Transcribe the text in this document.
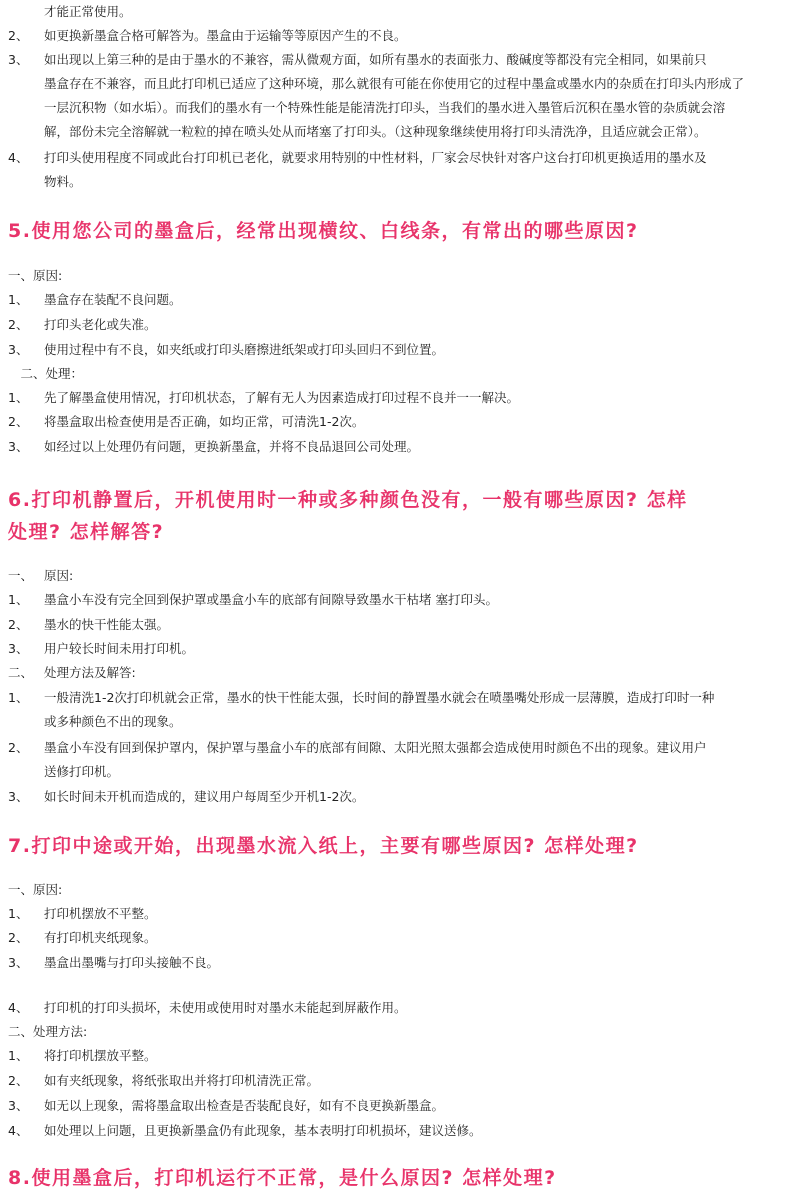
才能正常使用。

2、 如更换新墨盒合格可解答为。墨盒由于运输等等原因产生的不良。

3、 如出现以上第三种的是由于墨水的不兼容，需从微观方面，如所有墨水的表面张力、酸碱度等都没有完全相同，如果前只

墨盒存在不兼容，而且此打印机已适应了这种环境，那么就很有可能在你使用它的过程中墨盒或墨水内的杂质在打印头内形成了

一层沉积物（如水垢）。而我们的墨水有一个特殊性能是能清洗打印头，当我们的墨水进入墨管后沉积在墨水管的杂质就会溶

解，部份未完全溶解就一粒粒的掉在喷头处从而堵塞了打印头。（这种现象继续使用将打印头清洗净，且适应就会正常）。

4、 打印头使用程度不同或此台打印机已老化，就要求用特别的中性材料，厂家会尽快针对客户这台打印机更换适用的墨水及

物料。

5.使用您公司的墨盒后，经常出现横纹、白线条，有常出的哪些原因?

一、原因:

1、 墨盒存在装配不良问题。

2、 打印头老化或失准。

3、 使用过程中有不良，如夹纸或打印头磨擦进纸架或打印头回归不到位置。

　二、处理：

1、 先了解墨盒使用情况，打印机状态，了解有无人为因素造成打印过程不良并一一解决。

2、 将墨盒取出检查使用是否正确，如均正常，可清洗1-2次。

3、 如经过以上处理仍有问题，更换新墨盒，并将不良品退回公司处理。

6.打印机静置后，开机使用时一种或多种颜色没有，一般有哪些原因? 怎样
处理? 怎样解答?

一、 原因:

1、 墨盒小车没有完全回到保护罩或墨盒小车的底部有间隙导致墨水干枯堵 塞打印头。

2、 墨水的快干性能太强。

3、 用户较长时间未用打印机。

二、 处理方法及解答:

1、 一般清洗1-2次打印机就会正常，墨水的快干性能太强，长时间的静置墨水就会在喷墨嘴处形成一层薄膜，造成打印时一种

或多种颜色不出的现象。

2、 墨盒小车没有回到保护罩内，保护罩与墨盒小车的底部有间隙、太阳光照太强都会造成使用时颜色不出的现象。建议用户

送修打印机。

3、 如长时间未开机而造成的，建议用户每周至少开机1-2次。

7.打印中途或开始，出现墨水流入纸上，主要有哪些原因? 怎样处理?

一、原因:

1、 打印机摆放不平整。

2、 有打印机夹纸现象。

3、 墨盒出墨嘴与打印头接触不良。

4、 打印机的打印头损坏，未使用或使用时对墨水未能起到屏蔽作用。

二、处理方法:

1、 将打印机摆放平整。

2、 如有夹纸现象，将纸张取出并将打印机清洗正常。

3、 如无以上现象，需将墨盒取出检查是否装配良好，如有不良更换新墨盒。

4、 如处理以上问题，且更换新墨盒仍有此现象，基本表明打印机损坏，建议送修。

8.使用墨盒后，打印机运行不正常，是什么原因? 怎样处理?
